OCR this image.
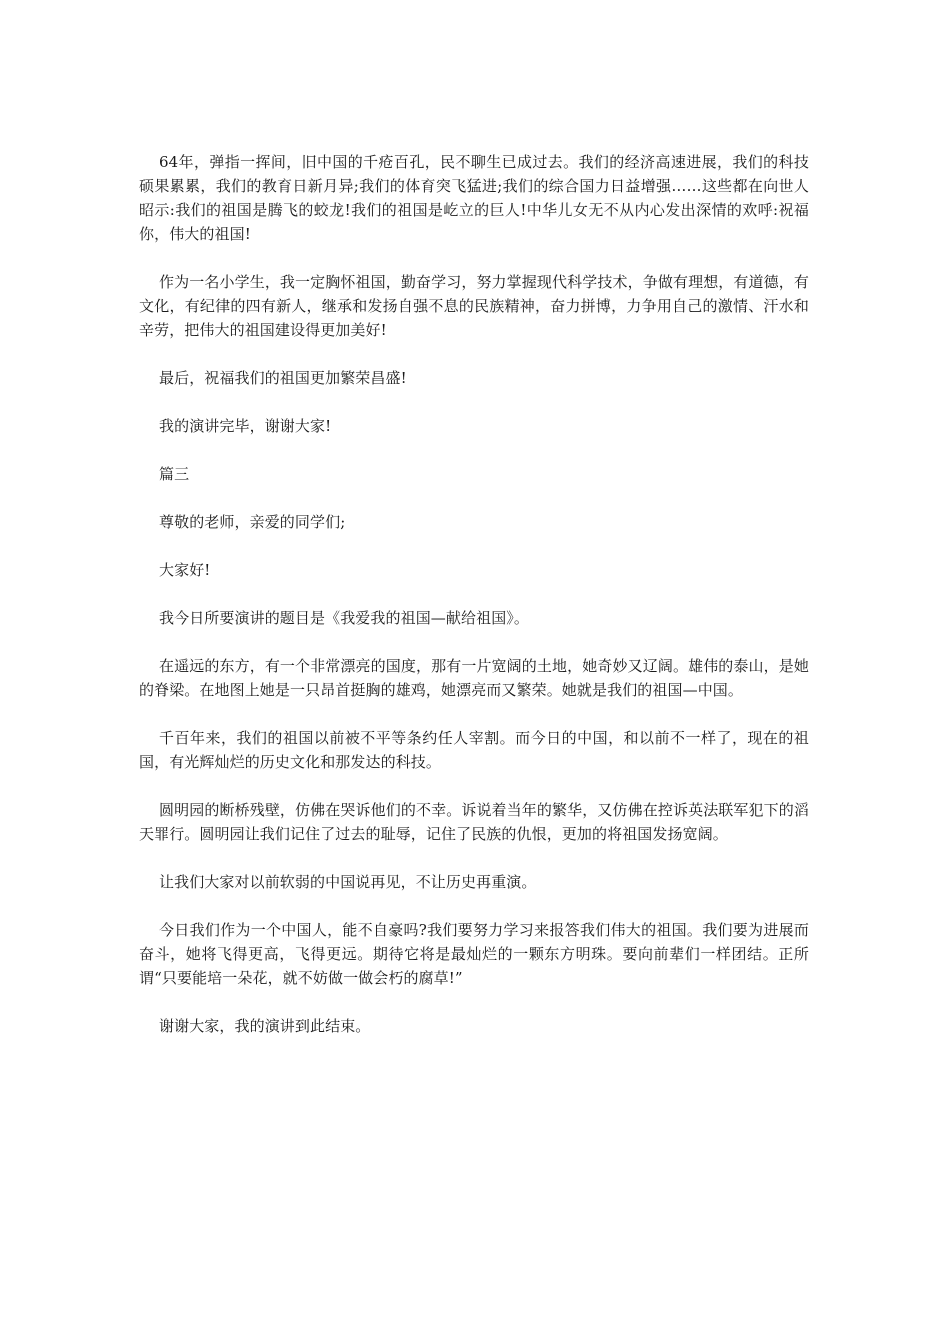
64年，弹指一挥间，旧中国的千疮百孔，民不聊生已成过去。我们的经济高速进展，我们的科技硕果累累，我们的教育日新月异;我们的体育突飞猛进;我们的综合国力日益增强……这些都在向世人昭示:我们的祖国是腾飞的蛟龙!我们的祖国是屹立的巨人!中华儿女无不从内心发出深情的欢呼:祝福你，伟大的祖国!

作为一名小学生，我一定胸怀祖国，勤奋学习，努力掌握现代科学技术，争做有理想，有道德，有文化，有纪律的四有新人，继承和发扬自强不息的民族精神，奋力拼博，力争用自己的激情、汗水和辛劳，把伟大的祖国建设得更加美好!

最后，祝福我们的祖国更加繁荣昌盛!

我的演讲完毕，谢谢大家!

篇三

尊敬的老师，亲爱的同学们;

大家好!

我今日所要演讲的题目是《我爱我的祖国—献给祖国》。

在遥远的东方，有一个非常漂亮的国度，那有一片宽阔的土地，她奇妙又辽阔。雄伟的泰山，是她的脊梁。在地图上她是一只昂首挺胸的雄鸡，她漂亮而又繁荣。她就是我们的祖国—中国。

千百年来，我们的祖国以前被不平等条约任人宰割。而今日的中国，和以前不一样了，现在的祖国，有光辉灿烂的历史文化和那发达的科技。

圆明园的断桥残壁，仿佛在哭诉他们的不幸。诉说着当年的繁华，又仿佛在控诉英法联军犯下的滔天罪行。圆明园让我们记住了过去的耻辱，记住了民族的仇恨，更加的将祖国发扬宽阔。

让我们大家对以前软弱的中国说再见，不让历史再重演。

今日我们作为一个中国人，能不自豪吗?我们要努力学习来报答我们伟大的祖国。我们要为进展而奋斗，她将飞得更高，飞得更远。期待它将是最灿烂的一颗东方明珠。要向前辈们一样团结。正所谓“只要能培一朵花，就不妨做一做会朽的腐草!”

谢谢大家，我的演讲到此结束。
